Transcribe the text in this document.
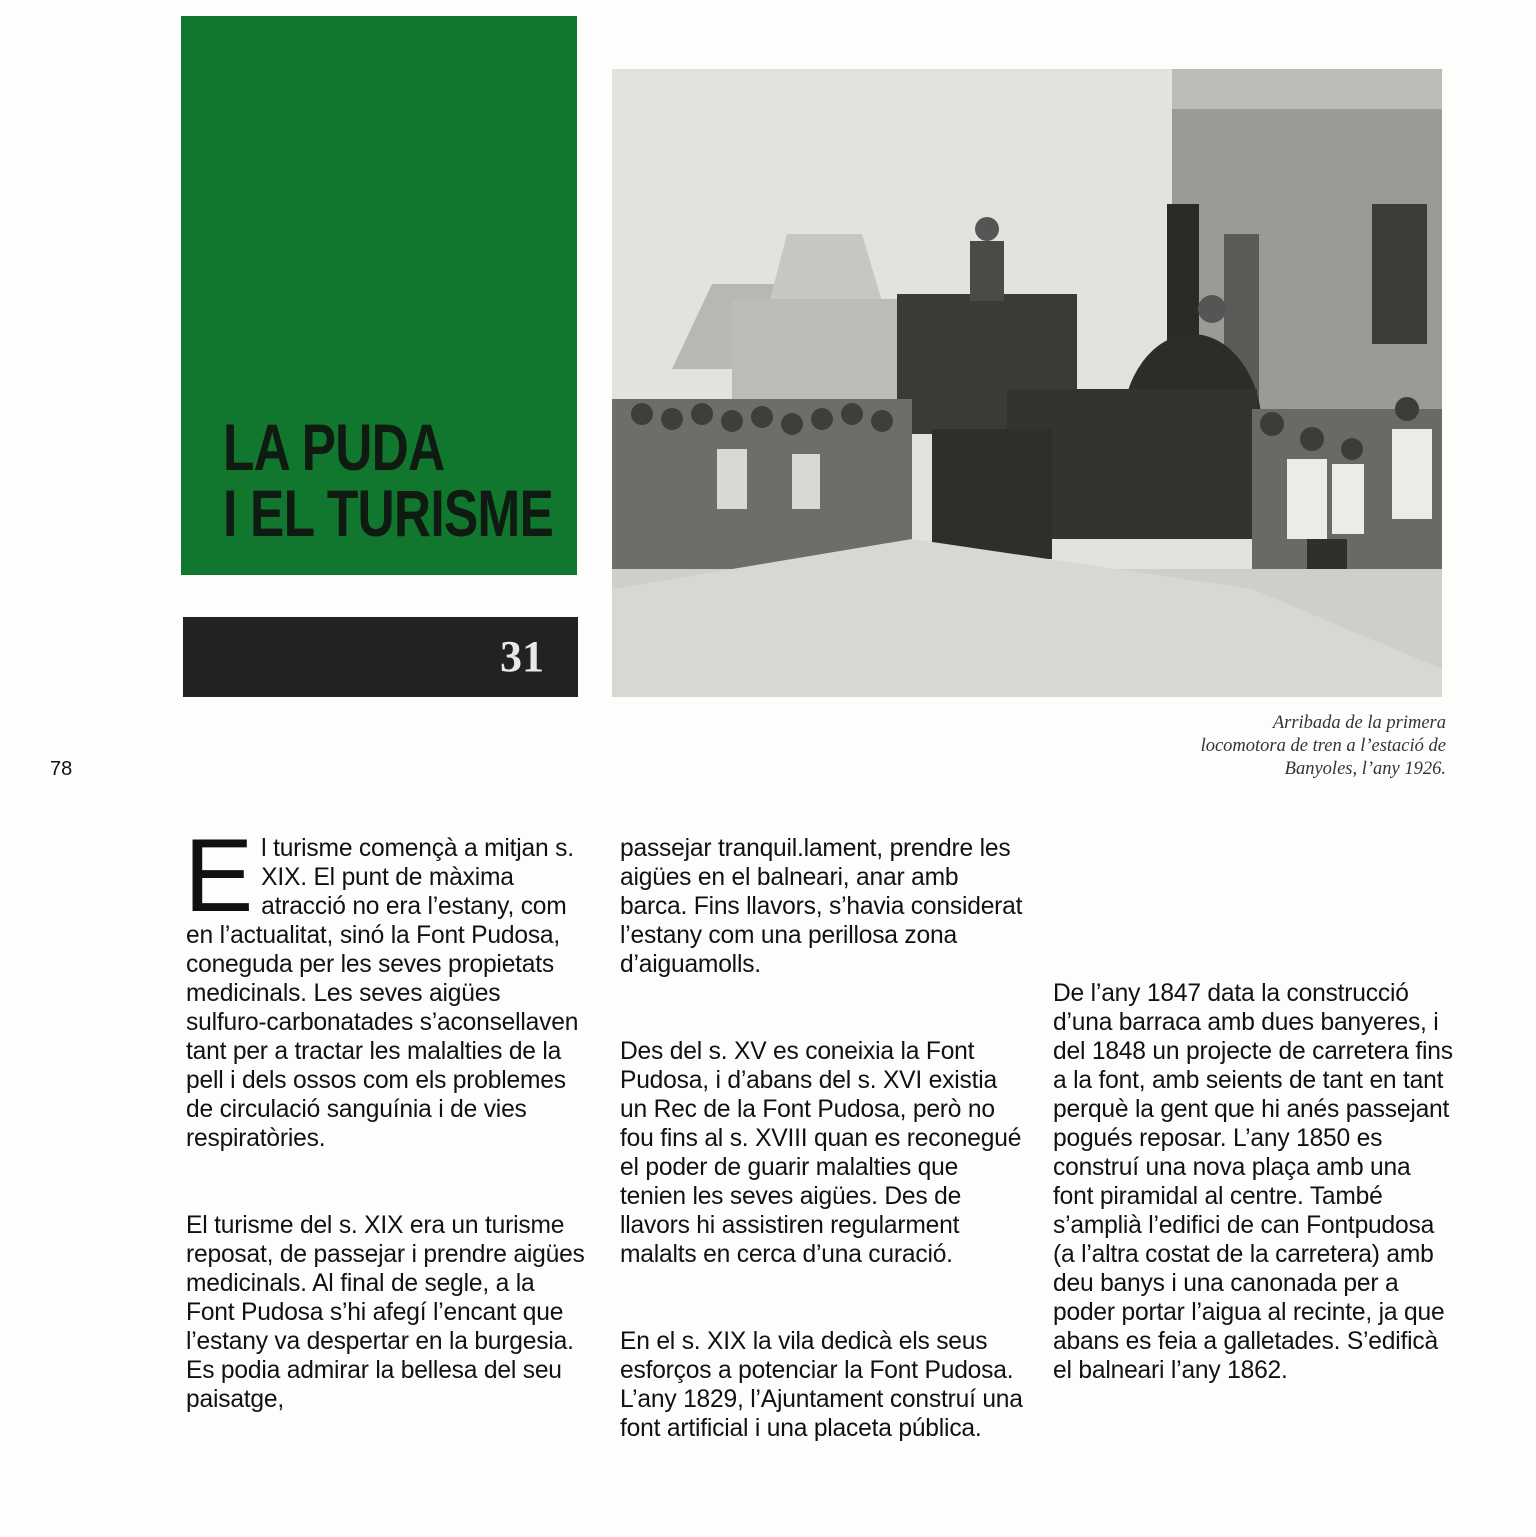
LA PUDA
I EL TURISME
31
78
Arribada de la primera locomotora de tren a l’estació de Banyoles, l’any 1926.

El turisme començà a mitjan s. XIX. El punt de màxima atracció no era l’estany, com en l’actualitat, sinó la Font Pudosa, coneguda per les seves propietats medicinals. Les seves aigües sulfuro-carbonatades s’aconsellaven tant per a tractar les malalties de la pell i dels ossos com els problemes de circulació sanguínia i de vies respiratòries.

El turisme del s. XIX era un turisme reposat, de passejar i prendre aigües medicinals. Al final de segle, a la Font Pudosa s’hi afegí l’encant que l’estany va despertar en la burgesia. Es podia admirar la bellesa del seu paisatge,

passejar tranquil.lament, prendre les aigües en el balneari, anar amb barca. Fins llavors, s’havia considerat l’estany com una perillosa zona d’aiguamolls.

Des del s. XV es coneixia la Font Pudosa, i d’abans del s. XVI existia un Rec de la Font Pudosa, però no fou fins al s. XVIII quan es reconegué el poder de guarir malalties que tenien les seves aigües. Des de llavors hi assistiren regularment malalts en cerca d’una curació.

En el s. XIX la vila dedicà els seus esforços a potenciar la Font Pudosa. L’any 1829, l’Ajuntament construí una font artificial i una placeta pública.

De l’any 1847 data la construcció d’una barraca amb dues banyeres, i del 1848 un projecte de carretera fins a la font, amb seients de tant en tant perquè la gent que hi anés passejant pogués reposar. L’any 1850 es construí una nova plaça amb una font piramidal al centre. També s’amplià l’edifici de can Fontpudosa (a l’altra costat de la carretera) amb deu banys i una canonada per a poder portar l’aigua al recinte, ja que abans es feia a galletades. S’edificà el balneari l’any 1862.
